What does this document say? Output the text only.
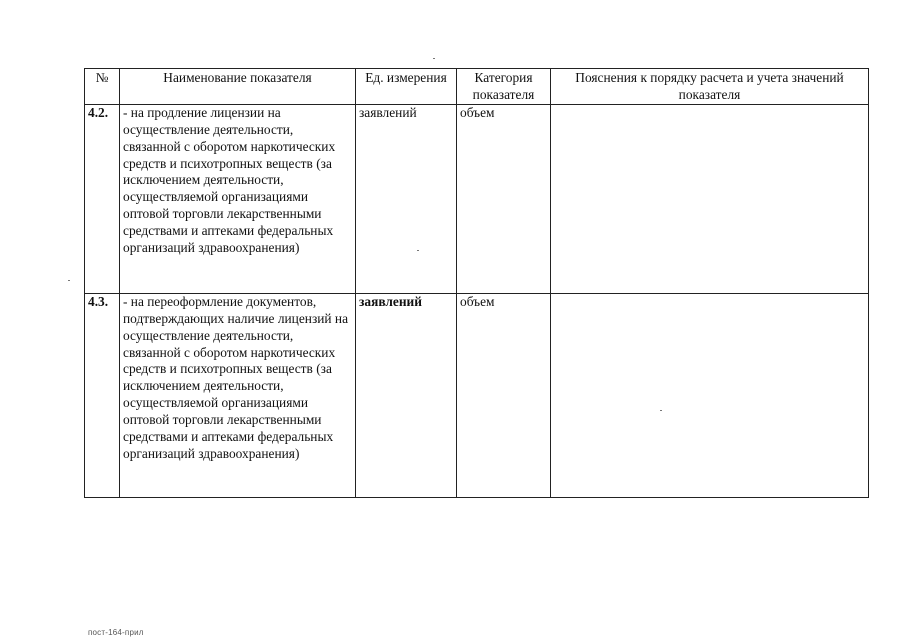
№	Наименование показателя	Ед. измерения	Категория показателя	Пояснения к порядку расчета и учета значений показателя
4.2.	- на продление лицензии на осуществление деятельности, связанной с оборотом наркотических средств и психотропных веществ (за исключением деятельности, осуществляемой организациями оптовой торговли лекарственными средствами и аптеками федеральных организаций здравоохранения)	заявлений	объем	
4.3.	- на переоформление документов, подтверждающих наличие лицензий на осуществление деятельности, связанной с оборотом наркотических средств и психотропных веществ (за исключением деятельности, осуществляемой организациями оптовой торговли лекарственными средствами и аптеками федеральных организаций здравоохранения)	заявлений	объем	
пост-164-прил
